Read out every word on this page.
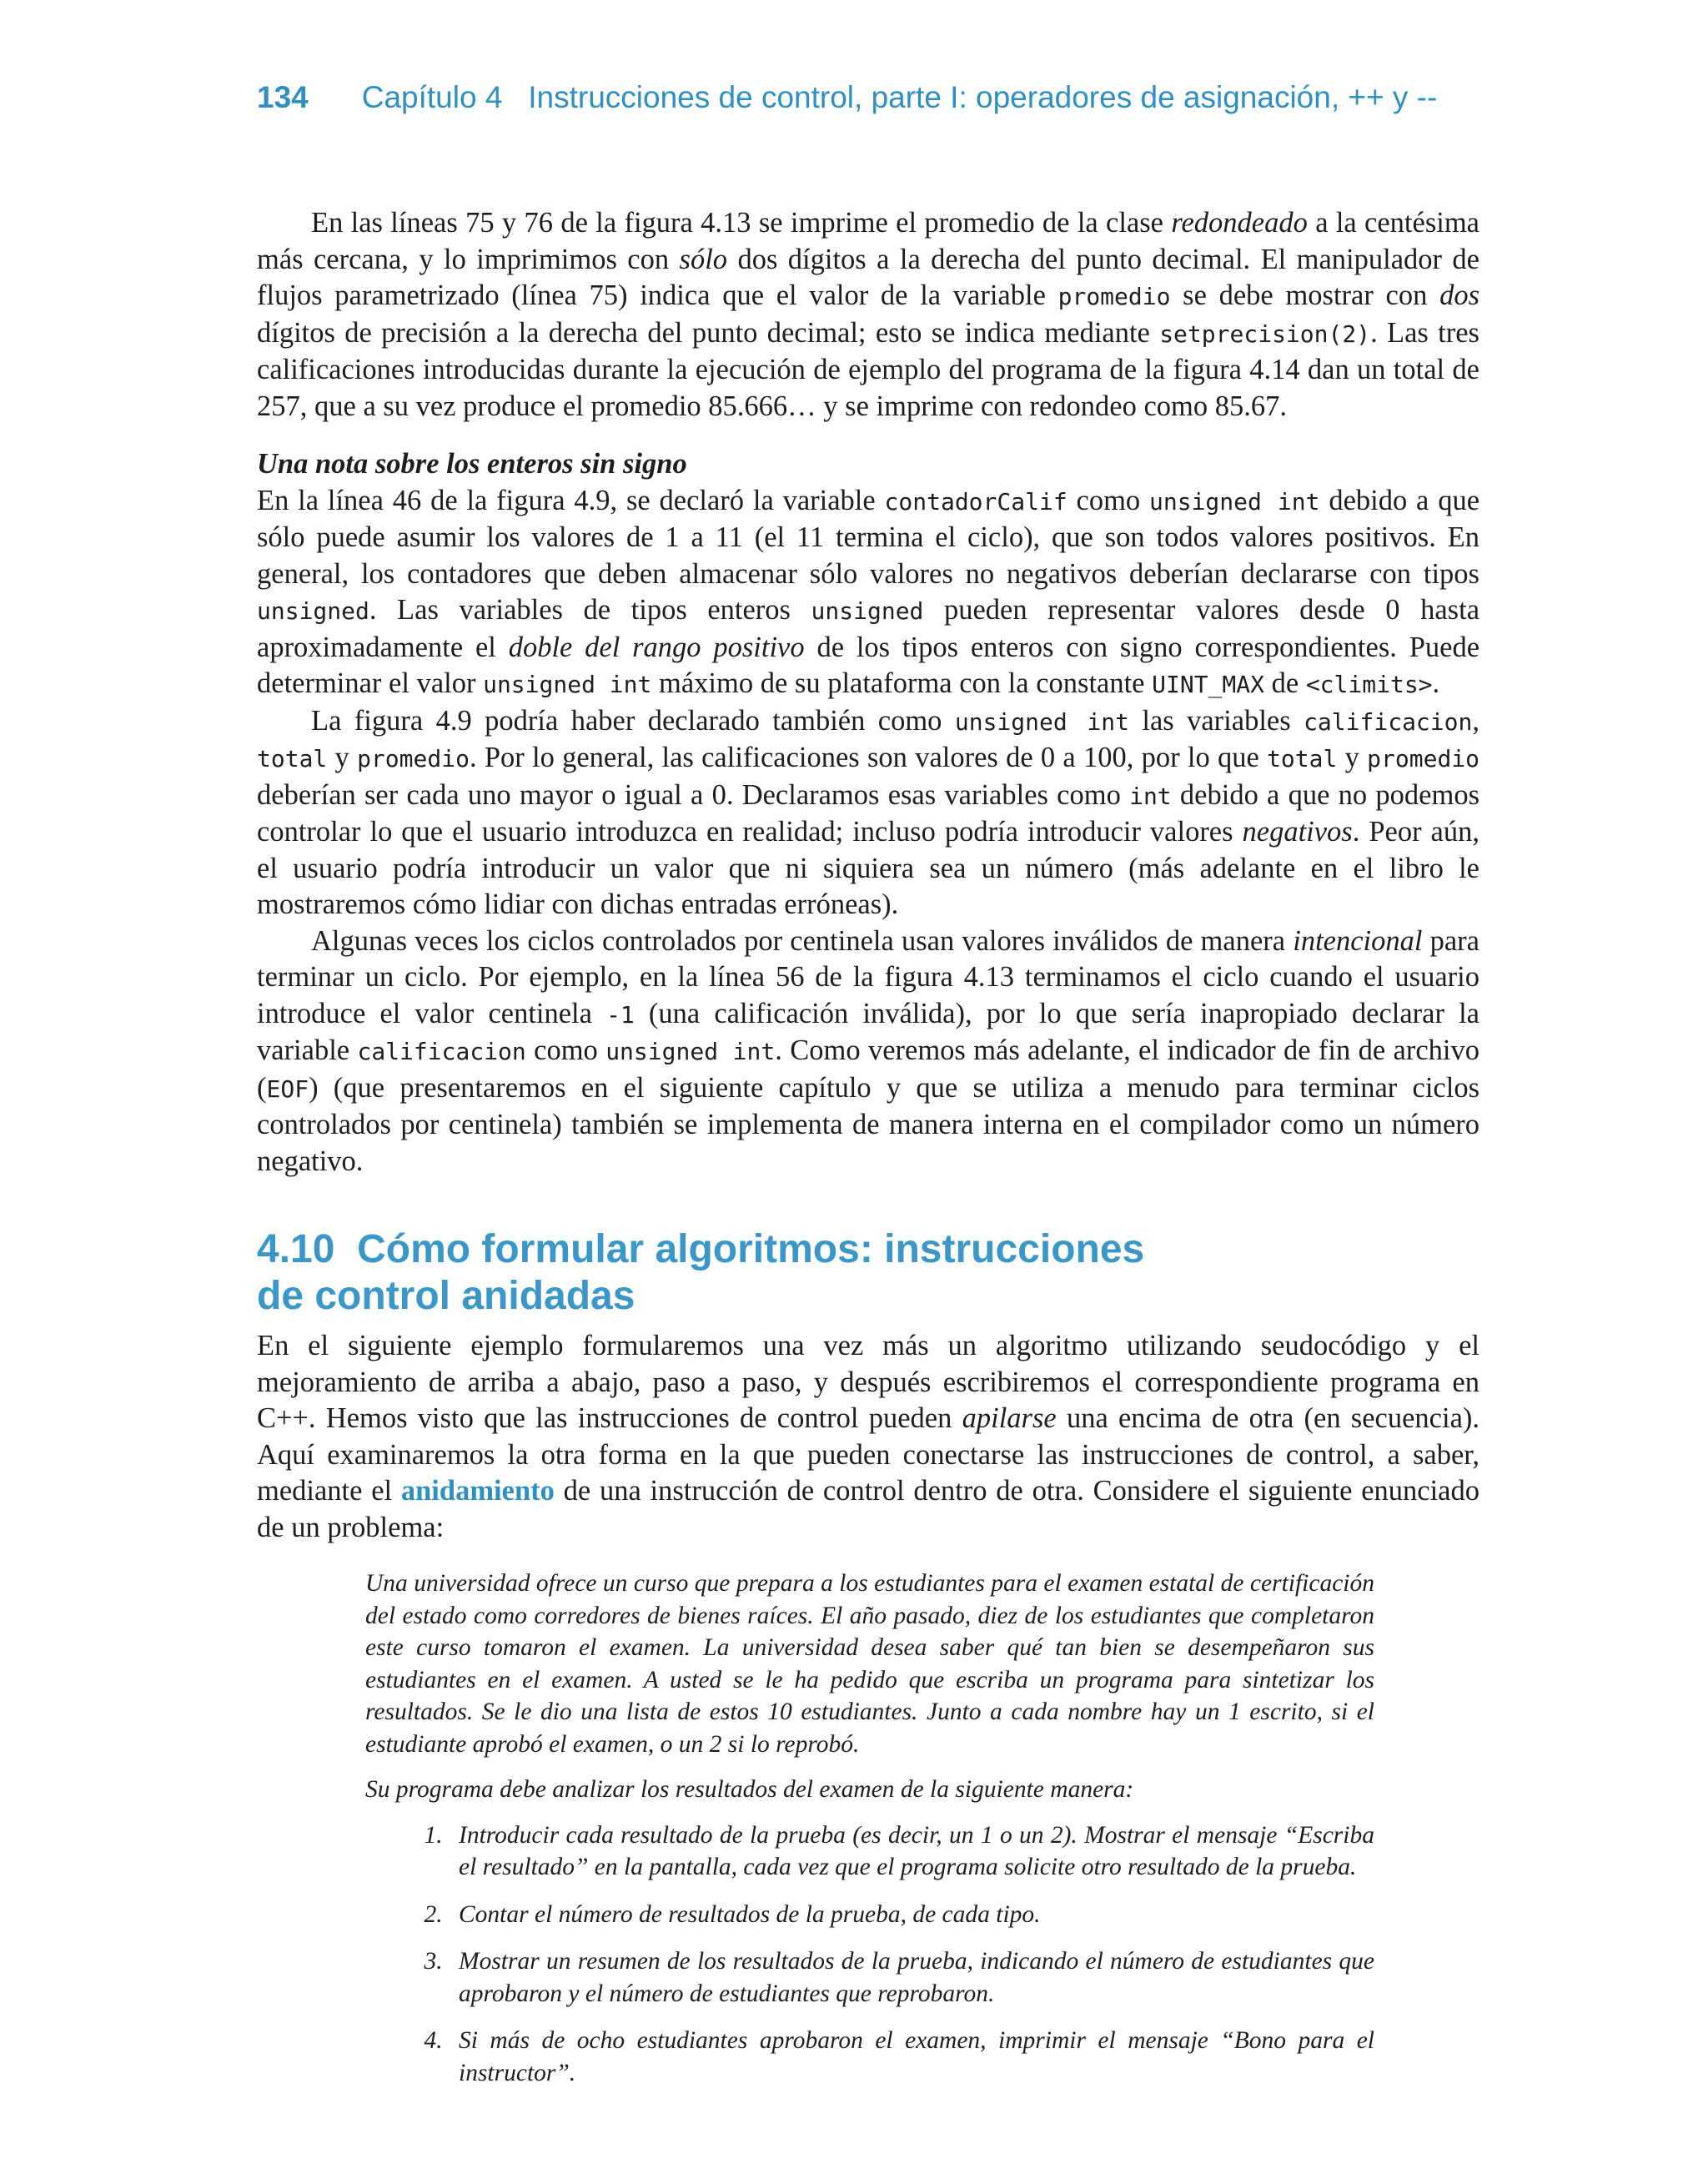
134 Capítulo 4 Instrucciones de control, parte I: operadores de asignación, ++ y --

En las líneas 75 y 76 de la figura 4.13 se imprime el promedio de la clase redondeado a la centésima más cercana, y lo imprimimos con sólo dos dígitos a la derecha del punto decimal. El manipulador de flujos parametrizado (línea 75) indica que el valor de la variable promedio se debe mostrar con dos dígitos de precisión a la derecha del punto decimal; esto se indica mediante setprecision(2). Las tres calificaciones introducidas durante la ejecución de ejemplo del programa de la figura 4.14 dan un total de 257, que a su vez produce el promedio 85.666… y se imprime con redondeo como 85.67.

Una nota sobre los enteros sin signo

En la línea 46 de la figura 4.9, se declaró la variable contadorCalif como unsigned int debido a que sólo puede asumir los valores de 1 a 11 (el 11 termina el ciclo), que son todos valores positivos. En general, los contadores que deben almacenar sólo valores no negativos deberían declararse con tipos unsigned. Las variables de tipos enteros unsigned pueden representar valores desde 0 hasta aproximadamente el doble del rango positivo de los tipos enteros con signo correspondientes. Puede determinar el valor unsigned int máximo de su plataforma con la constante UINT_MAX de <climits>.

La figura 4.9 podría haber declarado también como unsigned int las variables calificacion, total y promedio. Por lo general, las calificaciones son valores de 0 a 100, por lo que total y promedio deberían ser cada uno mayor o igual a 0. Declaramos esas variables como int debido a que no podemos controlar lo que el usuario introduzca en realidad; incluso podría introducir valores negativos. Peor aún, el usuario podría introducir un valor que ni siquiera sea un número (más adelante en el libro le mostraremos cómo lidiar con dichas entradas erróneas).

Algunas veces los ciclos controlados por centinela usan valores inválidos de manera intencional para terminar un ciclo. Por ejemplo, en la línea 56 de la figura 4.13 terminamos el ciclo cuando el usuario introduce el valor centinela -1 (una calificación inválida), por lo que sería inapropiado declarar la variable calificacion como unsigned int. Como veremos más adelante, el indicador de fin de archivo (EOF) (que presentaremos en el siguiente capítulo y que se utiliza a menudo para terminar ciclos controlados por centinela) también se implementa de manera interna en el compilador como un número negativo.

4.10 Cómo formular algoritmos: instrucciones
de control anidadas

En el siguiente ejemplo formularemos una vez más un algoritmo utilizando seudocódigo y el mejoramiento de arriba a abajo, paso a paso, y después escribiremos el correspondiente programa en C++. Hemos visto que las instrucciones de control pueden apilarse una encima de otra (en secuencia). Aquí examinaremos la otra forma en la que pueden conectarse las instrucciones de control, a saber, mediante el anidamiento de una instrucción de control dentro de otra. Considere el siguiente enunciado de un problema:

Una universidad ofrece un curso que prepara a los estudiantes para el examen estatal de certificación del estado como corredores de bienes raíces. El año pasado, diez de los estudiantes que completaron este curso tomaron el examen. La universidad desea saber qué tan bien se desempeñaron sus estudiantes en el examen. A usted se le ha pedido que escriba un programa para sintetizar los resultados. Se le dio una lista de estos 10 estudiantes. Junto a cada nombre hay un 1 escrito, si el estudiante aprobó el examen, o un 2 si lo reprobó.

Su programa debe analizar los resultados del examen de la siguiente manera:

1. Introducir cada resultado de la prueba (es decir, un 1 o un 2). Mostrar el mensaje “Escriba el resultado” en la pantalla, cada vez que el programa solicite otro resultado de la prueba.
2. Contar el número de resultados de la prueba, de cada tipo.
3. Mostrar un resumen de los resultados de la prueba, indicando el número de estudiantes que aprobaron y el número de estudiantes que reprobaron.
4. Si más de ocho estudiantes aprobaron el examen, imprimir el mensaje “Bono para el instructor”.
